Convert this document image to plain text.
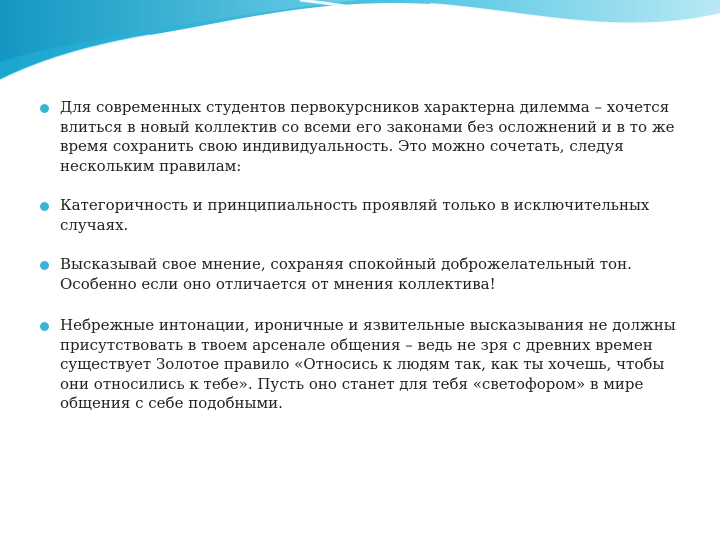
Для современных студентов первокурсников характерна дилемма – хочется влиться в новый коллектив со всеми его законами без осложнений и в то же время сохранить свою индивидуальность. Это можно сочетать, следуя нескольким правилам:
Категоричность и принципиальность проявляй только в исключительных случаях.
Высказывай свое мнение, сохраняя спокойный доброжелательный тон. Особенно если оно отличается от мнения коллектива!
Небрежные интонации, ироничные и язвительные высказывания не должны присутствовать в твоем арсенале общения – ведь не зря с древних времен существует Золотое правило «Относись к людям так, как ты хочешь, чтобы они относились к тебе». Пусть оно станет для тебя «светофором» в мире общения с себе подобными.
